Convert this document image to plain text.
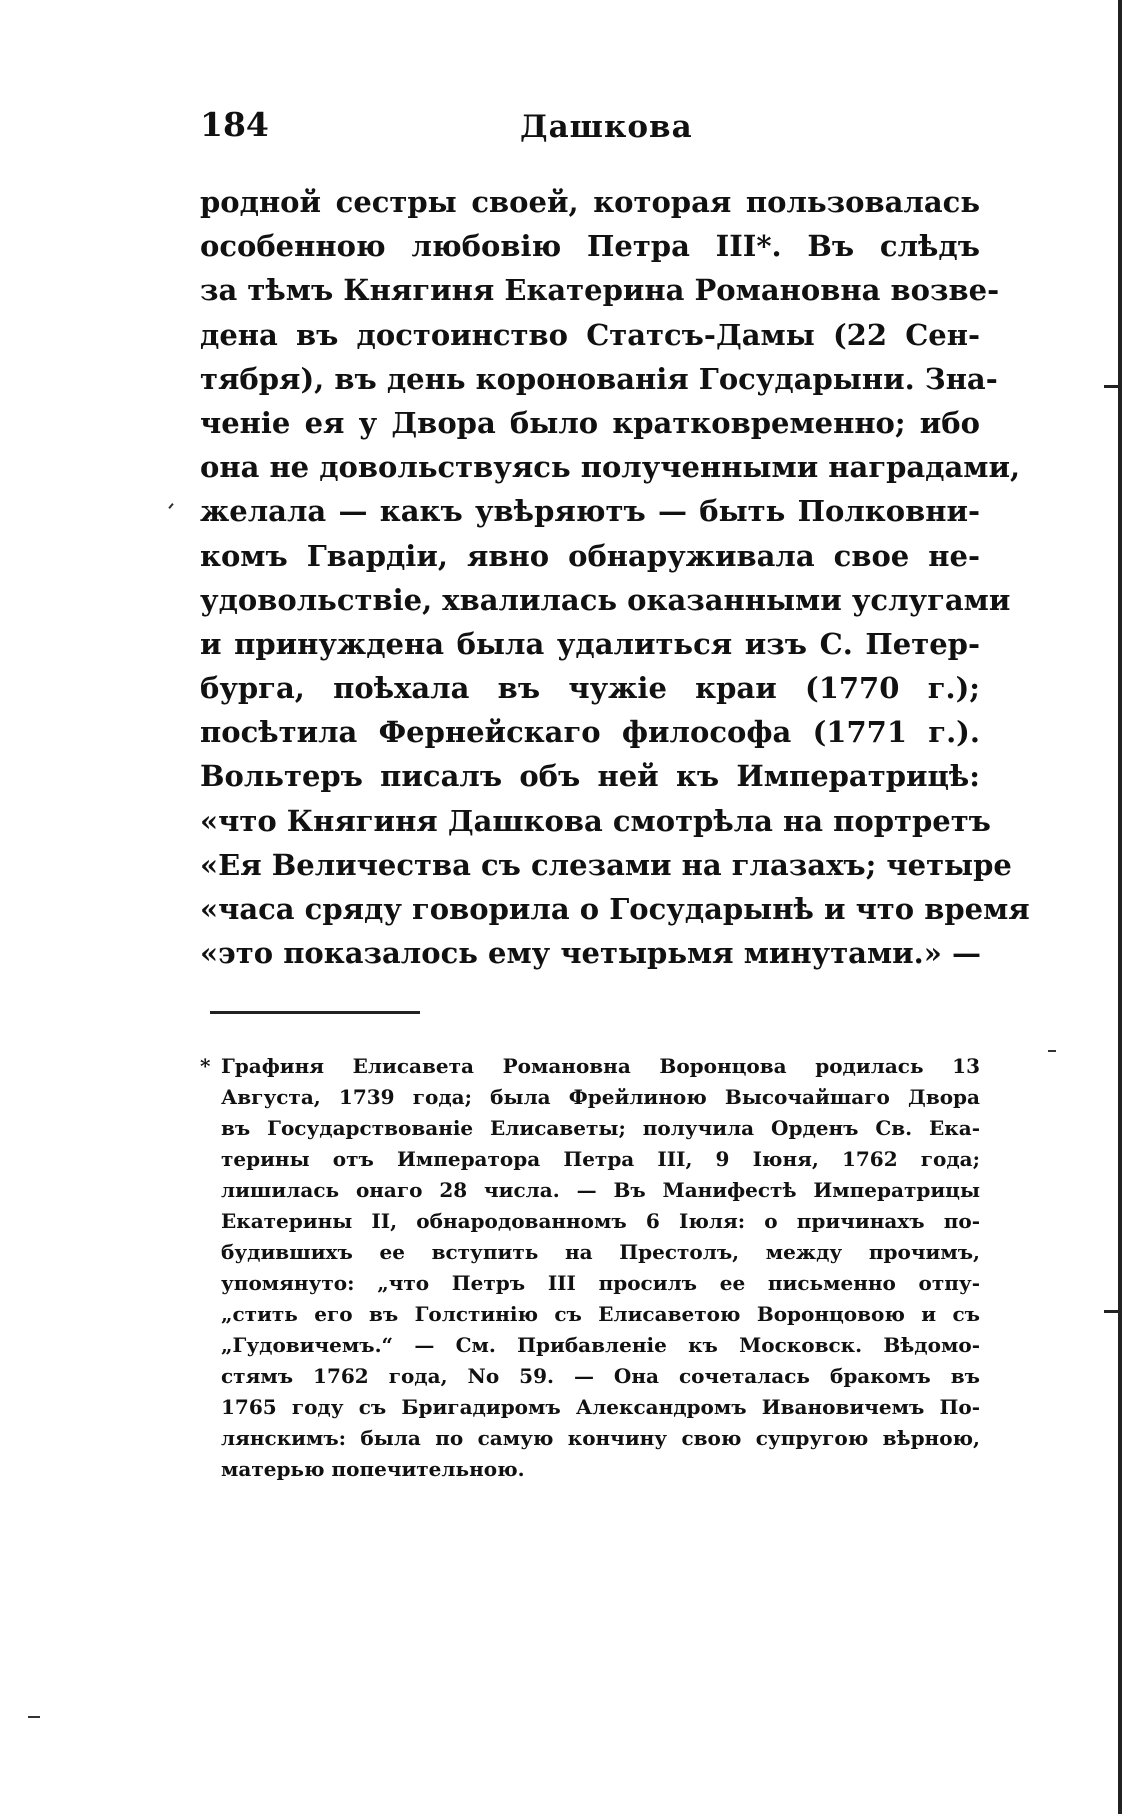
184	Дашкова
родной сестры своей, которая пользовалась
особенною любовію Петра III*. Въ слѣдъ
за тѣмъ Княгиня Екатерина Романовна возве-
дена въ достоинство Статсъ-Дамы (22 Сен-
тября), въ день коронованія Государыни. Зна-
ченіе ея у Двора было кратковременно; ибо
она не довольствуясь полученными наградами,
желала — какъ увѣряютъ — быть Полковни-
комъ Гвардіи, явно обнаруживала свое не-
удовольствіе, хвалилась оказанными услугами
и принуждена была удалиться изъ С. Петер-
бурга, поѣхала въ чужіе краи (1770 г.);
посѣтила Фернейскаго философа (1771 г.).
Вольтеръ писалъ объ ней къ Императрицѣ:
«что Княгиня Дашкова смотрѣла на портретъ
«Ея Величества съ слезами на глазахъ; четыре
«часа сряду говорила о Государынѣ и что время
«это показалось ему четырьмя минутами.» —
* Графиня Елисавета Романовна Воронцова родилась 13
Августа, 1739 года; была Фрейлиною Высочайшаго Двора
въ Государствованіе Елисаветы; получила Орденъ Св. Ека-
терины отъ Императора Петра III, 9 Іюня, 1762 года;
лишилась онаго 28 числа. — Въ Манифестѣ Императрицы
Екатерины II, обнародованномъ 6 Іюля: о причинахъ по-
будившихъ ее вступить на Престолъ, между прочимъ,
упомянуто: „что Петръ III просилъ ее письменно отпу-
„стить его въ Голстинію съ Елисаветою Воронцовою и съ
„Гудовичемъ.“ — См. Прибавленіе къ Московск. Вѣдомо-
стямъ 1762 года, No 59. — Она сочеталась бракомъ въ
1765 году съ Бригадиромъ Александромъ Ивановичемъ По-
лянскимъ: была по самую кончину свою супругою вѣрною,
матерью попечительною.
